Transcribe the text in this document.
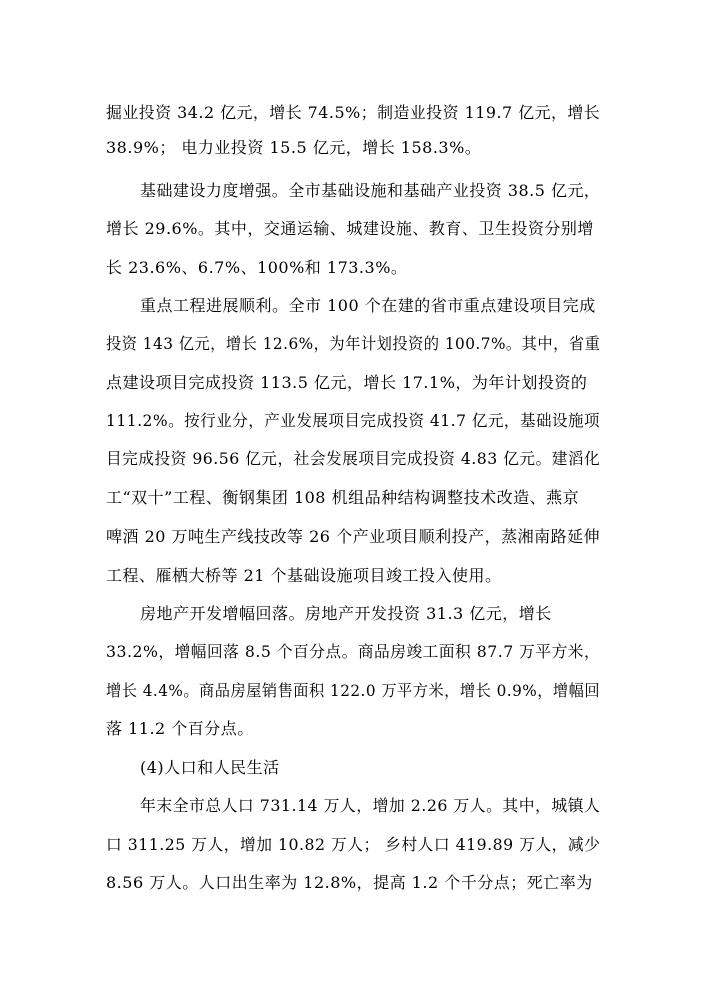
掘业投资 34.2 亿元，增长 74.5%；制造业投资 119.7 亿元，增长
38.9%； 电力业投资 15.5 亿元，增长 158.3%。
基础建设力度增强。全市基础设施和基础产业投资 38.5 亿元，
增长 29.6%。其中，交通运输、城建设施、教育、卫生投资分别增
长 23.6%、6.7%、100%和 173.3%。
重点工程进展顺利。全市 100 个在建的省市重点建设项目完成
投资 143 亿元，增长 12.6%，为年计划投资的 100.7%。其中，省重
点建设项目完成投资 113.5 亿元，增长 17.1%，为年计划投资的
111.2%。按行业分，产业发展项目完成投资 41.7 亿元，基础设施项
目完成投资 96.56 亿元，社会发展项目完成投资 4.83 亿元。建滔化
工“双十”工程、衡钢集团 108 机组品种结构调整技术改造、燕京
啤酒 20 万吨生产线技改等 26 个产业项目顺利投产，蒸湘南路延伸
工程、雁栖大桥等 21 个基础设施项目竣工投入使用。
房地产开发增幅回落。房地产开发投资 31.3 亿元，增长
33.2%，增幅回落 8.5 个百分点。商品房竣工面积 87.7 万平方米，
增长 4.4%。商品房屋销售面积 122.0 万平方米，增长 0.9%，增幅回
落 11.2 个百分点。
(4)人口和人民生活
年末全市总人口 731.14 万人，增加 2.26 万人。其中，城镇人
口 311.25 万人，增加 10.82 万人； 乡村人口 419.89 万人，减少
8.56 万人。人口出生率为 12.8%，提高 1.2 个千分点；死亡率为
